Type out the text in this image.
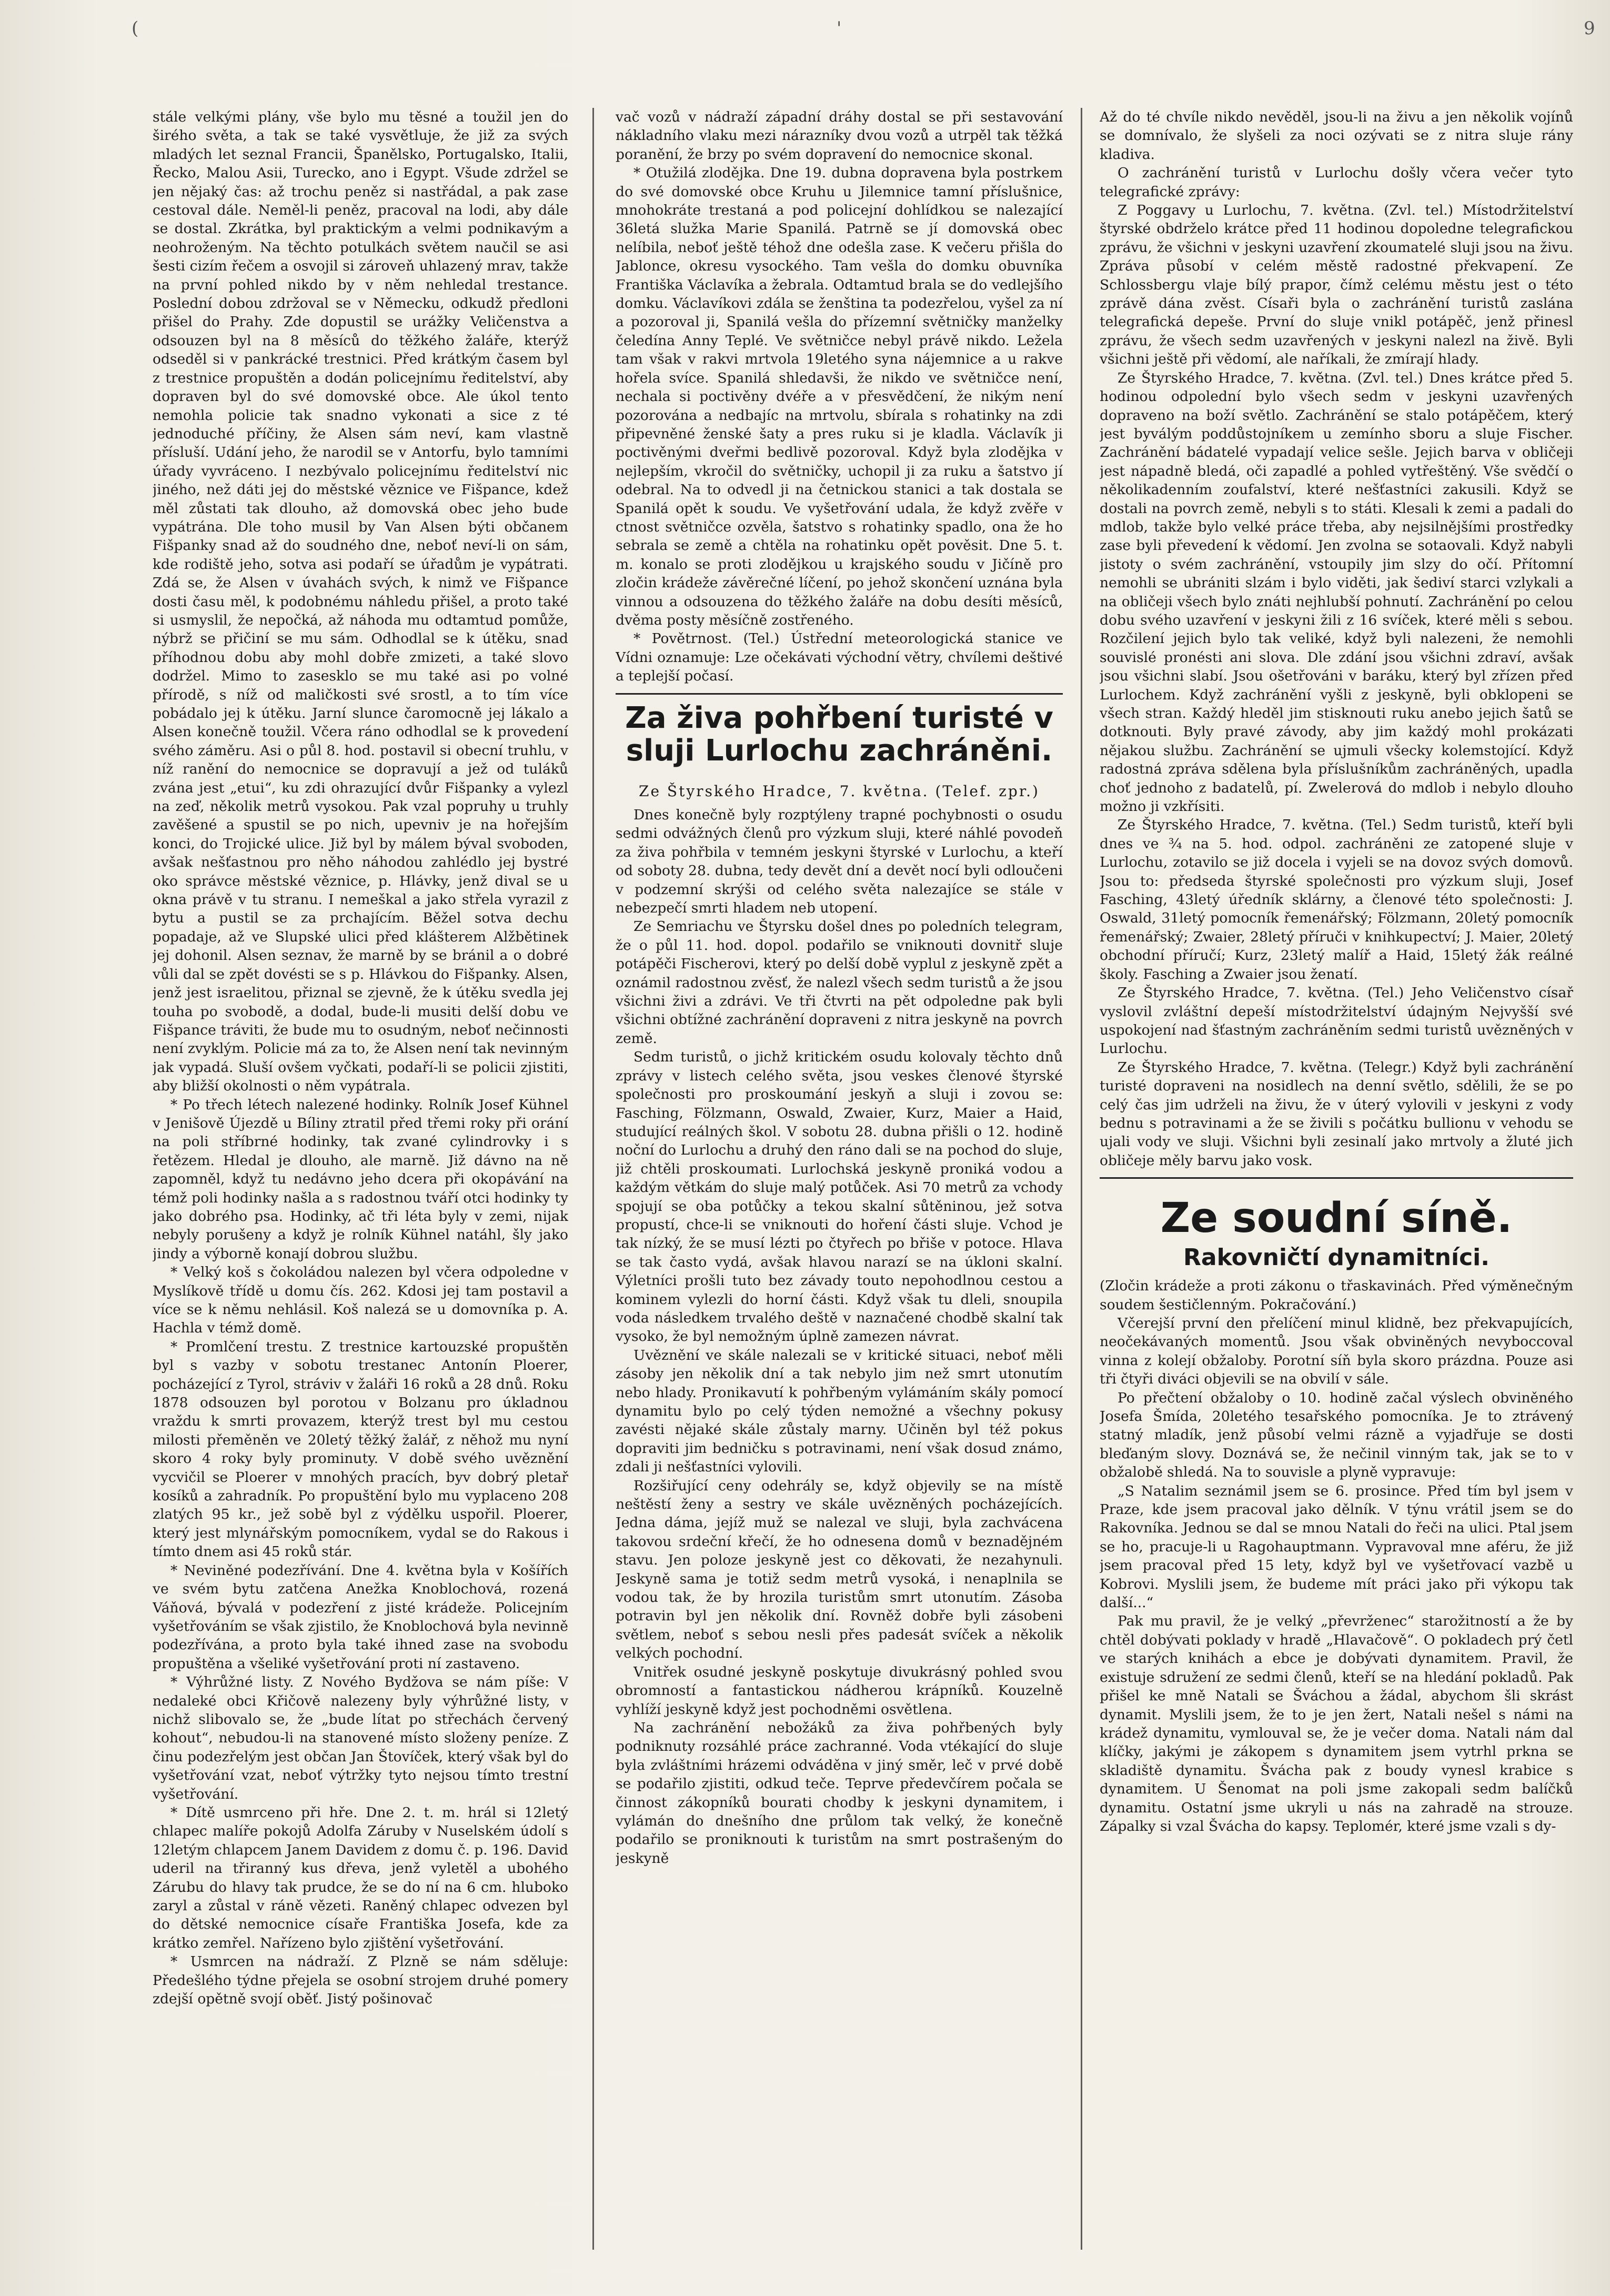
(	'	9

stále velkými plány, vše bylo mu těsné a toužil jen do širého světa, a tak se také vysvětluje, že již za svých mladých let seznal Francii, Španělsko, Portugalsko, Italii, Řecko, Malou Asii, Turecko, ano i Egypt. Všude zdržel se jen nějaký čas: až trochu peněz si nastřádal, a pak zase cestoval dále. Neměl-li peněz, pracoval na lodi, aby dále se dostal. Zkrátka, byl praktickým a velmi podnikavým a neohroženým. Na těchto potulkách světem naučil se asi šesti cizím řečem a osvojil si zároveň uhlazený mrav, takže na první pohled nikdo by v něm nehledal trestance. Poslední dobou zdržoval se v Německu, odkudž předloni přišel do Prahy. Zde dopustil se urážky Veličenstva a odsouzen byl na 8 měsíců do těžkého žaláře, kterýž odseděl si v pankrácké trestnici. Před krátkým časem byl z trestnice propuštěn a dodán policejnímu ředitelství, aby dopraven byl do své domovské obce. Ale úkol tento nemohla policie tak snadno vykonati a sice z té jednoduché příčiny, že Alsen sám neví, kam vlastně přísluší. Udání jeho, že narodil se v Antorfu, bylo tamními úřady vyvráceno. I nezbývalo policejnímu ředitelství nic jiného, než dáti jej do městské věznice ve Fišpance, kdež měl zůstati tak dlouho, až domovská obec jeho bude vypátrána. Dle toho musil by Van Alsen býti občanem Fišpanky snad až do soudného dne, neboť neví-li on sám, kde rodiště jeho, sotva asi podaří se úřadům je vypátrati. Zdá se, že Alsen v úvahách svých, k nimž ve Fišpance dosti času měl, k podobnému náhledu přišel, a proto také si usmyslil, že nepočká, až náhoda mu odtamtud pomůže, nýbrž se přičiní se mu sám. Odhodlal se k útěku, snad příhodnou dobu aby mohl dobře zmizeti, a také slovo dodržel. Mimo to zasesklo se mu také asi po volné přírodě, s níž od maličkosti své srostl, a to tím více pobádalo jej k útěku. Jarní slunce čaromocně jej lákalo a Alsen konečně toužil. Včera ráno odhodlal se k provedení svého záměru. Asi o půl 8. hod. postavil si obecní truhlu, v níž ranění do nemocnice se dopravují a jež od tuláků zvána jest „etui“, ku zdi ohrazující dvůr Fišpanky a vylezl na zeď, několik metrů vysokou. Pak vzal popruhy u truhly zavěšené a spustil se po nich, upevniv je na hořejším konci, do Trojické ulice. Již byl by málem býval svoboden, avšak nešťastnou pro něho náhodou zahlédlo jej bystré oko správce městské věznice, p. Hlávky, jenž dival se u okna právě v tu stranu. I nemeškal a jako střela vyrazil z bytu a pustil se za prchajícím. Běžel sotva dechu popadaje, až ve Slupské ulici před klášterem Alžbětinek jej dohonil. Alsen seznav, že marně by se bránil a o dobré vůli dal se zpět dovésti se s p. Hlávkou do Fišpanky. Alsen, jenž jest israelitou, přiznal se zjevně, že k útěku svedla jej touha po svobodě, a dodal, bude-li musiti delší dobu ve Fišpance tráviti, že bude mu to osudným, neboť nečinnosti není zvyklým. Policie má za to, že Alsen není tak nevinným jak vypadá. Sluší ovšem vyčkati, podaří-li se policii zjistiti, aby bližší okolnosti o něm vypátrala.

* Po třech létech nalezené hodinky. Rolník Josef Kühnel v Jenišově Újezdě u Bíliny ztratil před třemi roky při orání na poli stříbrné hodinky, tak zvané cylindrovky i s řetězem. Hledal je dlouho, ale marně. Již dávno na ně zapomněl, když tu nedávno jeho dcera při okopávání na témž poli hodinky našla a s radostnou tváří otci hodinky ty jako dobrého psa. Hodinky, ač tři léta byly v zemi, nijak nebyly porušeny a když je rolník Kühnel natáhl, šly jako jindy a výborně konají dobrou službu.

* Velký koš s čokoládou nalezen byl včera odpoledne v Myslíkově třídě u domu čís. 262. Kdosi jej tam postavil a více se k němu nehlásil. Koš nalezá se u domovníka p. A. Hachla v témž domě.

* Promlčení trestu. Z trestnice kartouzské propuštěn byl s vazby v sobotu trestanec Antonín Ploerer, pocházející z Tyrol, stráviv v žaláři 16 roků a 28 dnů. Roku 1878 odsouzen byl porotou v Bolzanu pro úkladnou vraždu k smrti provazem, kterýž trest byl mu cestou milosti přeměněn ve 20letý těžký žalář, z něhož mu nyní skoro 4 roky byly prominuty. V době svého uvěznění vycvičil se Ploerer v mnohých pracích, byv dobrý pletař kosíků a zahradník. Po propuštění bylo mu vyplaceno 208 zlatých 95 kr., jež sobě byl z výdělku uspořil. Ploerer, který jest mlynářským pomocníkem, vydal se do Rakous i tímto dnem asi 45 roků stár.

* Neviněné podezřívání. Dne 4. května byla v Košířích ve svém bytu zatčena Anežka Knoblochová, rozená Váňová, bývalá v podezření z jisté krádeže. Policejním vyšetřováním se však zjistilo, že Knoblochová byla nevinně podezřívána, a proto byla také ihned zase na svobodu propuštěna a všeliké vyšetřování proti ní zastaveno.

* Výhrůžné listy. Z Nového Bydžova se nám píše: V nedaleké obci Křičově nalezeny byly výhrůžné listy, v nichž slibovalo se, že „bude lítat po střechách červený kohout“, nebudou-li na stanovené místo složeny peníze. Z činu podezřelým jest občan Jan Štovíček, který však byl do vyšetřování vzat, neboť výtržky tyto nejsou tímto trestní vyšetřování.

* Dítě usmrceno při hře. Dne 2. t. m. hrál si 12letý chlapec malíře pokojů Adolfa Záruby v Nuselském údolí s 12letým chlapcem Janem Davidem z domu č. p. 196. David uderil na třiranný kus dřeva, jenž vyletěl a ubohého Zárubu do hlavy tak prudce, že se do ní na 6 cm. hluboko zaryl a zůstal v ráně vězeti. Raněný chlapec odvezen byl do dětské nemocnice císaře Františka Josefa, kde za krátko zemřel. Nařízeno bylo zjištění vyšetřování.

* Usmrcen na nádraží. Z Plzně se nám sděluje: Předešlého týdne přejela se osobní strojem druhé pomery zdejší opětně svojí oběť. Jistý pošinovač

vač vozů v nádraží západní dráhy dostal se při sestavování nákladního vlaku mezi nárazníky dvou vozů a utrpěl tak těžká poranění, že brzy po svém dopravení do nemocnice skonal.

* Otužilá zlodějka. Dne 19. dubna dopravena byla postrkem do své domovské obce Kruhu u Jilemnice tamní příslušnice, mnohokráte trestaná a pod policejní dohlídkou se nalezající 36letá služka Marie Spanilá. Patrně se jí domovská obec nelíbila, neboť ještě téhož dne odešla zase. K večeru přišla do Jablonce, okresu vysockého. Tam vešla do domku obuvníka Františka Václavíka a žebrala. Odtamtud brala se do vedlejšího domku. Václavíkovi zdála se ženština ta podezřelou, vyšel za ní a pozoroval ji, Spanilá vešla do přízemní světničky manželky čeledína Anny Teplé. Ve světničce nebyl právě nikdo. Ležela tam však v rakvi mrtvola 19letého syna nájemnice a u rakve hořela svíce. Spanilá shledavši, že nikdo ve světničce není, nechala si poctivěny dvéře a v přesvědčení, že nikým není pozorována a nedbajíc na mrtvolu, sbírala s rohatinky na zdi připevněné ženské šaty a pres ruku si je kladla. Václavík ji poctivěnými dveřmi bedlivě pozoroval. Když byla zlodějka v nejlepším, vkročil do světničky, uchopil ji za ruku a šatstvo jí odebral. Na to odvedl ji na četnickou stanici a tak dostala se Spanilá opět k soudu. Ve vyšetřování udala, že když zvěře v ctnost světničce ozvěla, šatstvo s rohatinky spadlo, ona že ho sebrala se země a chtěla na rohatinku opět pověsit. Dne 5. t. m. konalo se proti zlodějkou u krajského soudu v Jičíně pro zločin krádeže závěrečné líčení, po jehož skončení uznána byla vinnou a odsouzena do těžkého žaláře na dobu desíti měsíců, dvěma posty měsíčně zostřeného.

* Povětrnost. (Tel.) Ústřední meteorologická stanice ve Vídni oznamuje: Lze očekávati východní větry, chvílemi deštivé a teplejší počasí.

Za živa pohřbení turisté v sluji Lurlochu zachráněni.

Ze Štyrského Hradce, 7. května. (Telef. zpr.)

Dnes konečně byly rozptýleny trapné pochybnosti o osudu sedmi odvážných členů pro výzkum sluji, které náhlé povodeň za živa pohřbila v temném jeskyni štyrské v Lurlochu, a kteří od soboty 28. dubna, tedy devět dní a devět nocí byli odloučeni v podzemní skrýši od celého světa nalezajíce se stále v nebezpečí smrti hladem neb utopení.

Ze Semriachu ve Štyrsku došel dnes po poledních telegram, že o půl 11. hod. dopol. podařilo se vniknouti dovnitř sluje potápěči Fischerovi, který po delší době vyplul z jeskyně zpět a oznámil radostnou zvěsť, že nalezl všech sedm turistů a že jsou všichni živi a zdrávi. Ve tři čtvrti na pět odpoledne pak byli všichni obtížné zachránění dopraveni z nitra jeskyně na povrch země.

Sedm turistů, o jichž kritickém osudu kolovaly těchto dnů zprávy v listech celého světa, jsou veskes členové štyrské společnosti pro proskoumání jeskyň a sluji i zovou se: Fasching, Fölzmann, Oswald, Zwaier, Kurz, Maier a Haid, studující reálných škol. V sobotu 28. dubna přišli o 12. hodině noční do Lurlochu a druhý den ráno dali se na pochod do sluje, již chtěli proskoumati. Lurlochská jeskyně proniká vodou a každým větkám do sluje malý potůček. Asi 70 metrů za vchody spojují se oba potůčky a tekou skalní sůtěninou, jež sotva propustí, chce-li se vniknouti do hoření části sluje. Vchod je tak nízký, že se musí lézti po čtyřech po břiše v potoce. Hlava se tak často vydá, avšak hlavou narazí se na úkloni skalní. Výletníci prošli tuto bez závady touto nepohodlnou cestou a kominem vylezli do horní části. Když však tu dleli, snoupila voda následkem trvalého deště v naznačené chodbě skalní tak vysoko, že byl nemožným úplně zamezen návrat.

Uvěznění ve skále nalezali se v kritické situaci, neboť měli zásoby jen několik dní a tak nebylo jim než smrt utonutím nebo hlady. Pronikavutí k pohřbeným vylámáním skály pomocí dynamitu bylo po celý týden nemožné a všechny pokusy zavésti nějaké skále zůstaly marny. Učiněn byl též pokus dopraviti jim bedničku s potravinami, není však dosud známo, zdali ji nešťastníci vylovili.

Rozšiřující ceny odehrály se, když objevily se na místě neštěstí ženy a sestry ve skále uvězněných pocházejících. Jedna dáma, jejíž muž se nalezal ve sluji, byla zachvácena takovou srdeční křečí, že ho odnesena domů v beznadějném stavu. Jen poloze jeskyně jest co děkovati, že nezahynuli. Jeskyně sama je totiž sedm metrů vysoká, i nenaplnila se vodou tak, že by hrozila turistům smrt utonutím. Zásoba potravin byl jen několik dní. Rovněž dobře byli zásobeni světlem, neboť s sebou nesli přes padesát svíček a několik velkých pochodní.

Vnitřek osudné jeskyně poskytuje divukrásný pohled svou obromností a fantastickou nádherou krápníků. Kouzelně vyhlíží jeskyně když jest pochodněmi osvětlena.

Na zachránění nebožáků za živa pohřbených byly podniknuty rozsáhlé práce zachranné. Voda vtékající do sluje byla zvláštními hrázemi odváděna v jiný směr, leč v prvé době se podařilo zjistiti, odkud teče. Teprve předevčírem počala se činnost zákopníků bourati chodby k jeskyni dynamitem, i vylámán do dnešního dne průlom tak velký, že konečně podařilo se proniknouti k turistům na smrt postrašeným do jeskyně

Až do té chvíle nikdo nevěděl, jsou-li na živu a jen několik vojínů se domnívalo, že slyšeli za noci ozývati se z nitra sluje rány kladiva.

O zachránění turistů v Lurlochu došly včera večer tyto telegrafické zprávy:

Z Poggavy u Lurlochu, 7. května. (Zvl. tel.) Místodržitelství štyrské obdrželo krátce před 11 hodinou dopoledne telegrafickou zprávu, že všichni v jeskyni uzavření zkoumatelé sluji jsou na živu. Zpráva působí v celém městě radostné překvapení. Ze Schlossbergu vlaje bílý prapor, čímž celému městu jest o této zprávě dána zvěst. Císaři byla o zachránění turistů zaslána telegrafická depeše. První do sluje vnikl potápěč, jenž přinesl zprávu, že všech sedm uzavřených v jeskyni nalezl na živě. Byli všichni ještě při vědomí, ale naříkali, že zmírají hlady.

Ze Štyrského Hradce, 7. května. (Zvl. tel.) Dnes krátce před 5. hodinou odpolední bylo všech sedm v jeskyni uzavřených dopraveno na boží světlo. Zachránění se stalo potápěčem, který jest byválým poddůstojníkem u zemínho sboru a sluje Fischer. Zachránění bádatelé vypadají velice sešle. Jejich barva v obličeji jest nápadně bledá, oči zapadlé a pohled vytřeštěný. Vše svědčí o několikadenním zoufalství, které nešťastníci zakusili. Když se dostali na povrch země, nebyli s to státi. Klesali k zemi a padali do mdlob, takže bylo velké práce třeba, aby nejsilnějšími prostředky zase byli převedení k vědomí. Jen zvolna se sotaovali. Když nabyli jistoty o svém zachránění, vstoupily jim slzy do očí. Přítomní nemohli se ubrániti slzám i bylo viděti, jak šediví starci vzlykali a na obličeji všech bylo znáti nejhlubší pohnutí. Zachránění po celou dobu svého uzavření v jeskyni žili z 16 svíček, které měli s sebou. Rozčilení jejich bylo tak veliké, když byli nalezeni, že nemohli souvislé pronésti ani slova. Dle zdání jsou všichni zdraví, avšak jsou všichni slabí. Jsou ošetřováni v baráku, který byl zřízen před Lurlochem. Když zachránění vyšli z jeskyně, byli obklopeni se všech stran. Každý hleděl jim stisknouti ruku anebo jejich šatů se dotknouti. Byly pravé závody, aby jim každý mohl prokázati nějakou službu. Zachránění se ujmuli všecky kolemstojící. Když radostná zpráva sdělena byla příslušníkům zachráněných, upadla choť jednoho z badatelů, pí. Zwelerová do mdlob i nebylo dlouho možno ji vzkřísiti.

Ze Štyrského Hradce, 7. května. (Tel.) Sedm turistů, kteří byli dnes ve ¾ na 5. hod. odpol. zachráněni ze zatopené sluje v Lurlochu, zotavilo se již docela i vyjeli se na dovoz svých domovů. Jsou to: předseda štyrské společnosti pro výzkum sluji, Josef Fasching, 43letý úředník sklárny, a členové této společnosti: J. Oswald, 31letý pomocník řemenářský; Fölzmann, 20letý pomocník řemenářský; Zwaier, 28letý příruči v knihkupectví; J. Maier, 20letý obchodní příručí; Kurz, 23letý malíř a Haid, 15letý žák reálné školy. Fasching a Zwaier jsou ženatí.

Ze Štyrského Hradce, 7. května. (Tel.) Jeho Veličenstvo císař vyslovil zvláštní depeší místodržitelství údajným Nejvyšší své uspokojení nad šťastným zachráněním sedmi turistů uvězněných v Lurlochu.

Ze Štyrského Hradce, 7. května. (Telegr.) Když byli zachránění turisté dopraveni na nosidlech na denní světlo, sdělili, že se po celý čas jim udrželi na živu, že v úterý vylovili v jeskyni z vody bednu s potravinami a že se živili s počátku bullionu v vehodu se ujali vody ve sluji. Všichni byli zesinalí jako mrtvoly a žluté jich obličeje měly barvu jako vosk.

Ze soudní síně.
Rakovničtí dynamitníci.

(Zločin krádeže a proti zákonu o třaskavinách. Před výměnečným soudem šestičlenným. Pokračování.)

Včerejší první den přelíčení minul klidně, bez překvapujících, neočekávaných momentů. Jsou však obviněných nevyboccoval vinna z kolejí obžaloby. Porotní síň byla skoro prázdna. Pouze asi tři čtyři diváci objevili se na obvilí v sále.

Po přečtení obžaloby o 10. hodině začal výslech obviněného Josefa Šmída, 20letého tesařského pomocníka. Je to ztrávený statný mladík, jenž působí velmi rázně a vyjadřuje se dosti bleďaným slovy. Doznává se, že nečinil vinným tak, jak se to v obžalobě shledá. Na to souvisle a plyně vypravuje:

„S Natalim seznámil jsem se 6. prosince. Před tím byl jsem v Praze, kde jsem pracoval jako dělník. V týnu vrátil jsem se do Rakovníka. Jednou se dal se mnou Natali do řeči na ulici. Ptal jsem se ho, pracuje-li u Ragohauptmann. Vypravoval mne aféru, že již jsem pracoval před 15 lety, když byl ve vyšetřovací vazbě u Kobrovi. Myslili jsem, že budeme mít práci jako při výkopu tak další...“

Pak mu pravil, že je velký „převrženec“ starožitností a že by chtěl dobývati poklady v hradě „Hlavačově“. O pokladech prý četl ve starých knihách a ebce je dobývati dynamitem. Pravil, že existuje sdružení ze sedmi členů, kteří se na hledání pokladů. Pak přišel ke mně Natali se Šváchou a žádal, abychom šli skrást dynamit. Myslili jsem, že to je jen žert, Natali nešel s námi na krádež dynamitu, vymlouval se, že je večer doma. Natali nám dal klíčky, jakými je zákopem s dynamitem jsem vytrhl prkna se skladiště dynamitu. Švácha pak z boudy vynesl krabice s dynamitem. U Šenomat na poli jsme zakopali sedm balíčků dynamitu. Ostatní jsme ukryli u nás na zahradě na strouze. Zápalky si vzal Švácha do kapsy. Teplomér, které jsme vzali s dy-
